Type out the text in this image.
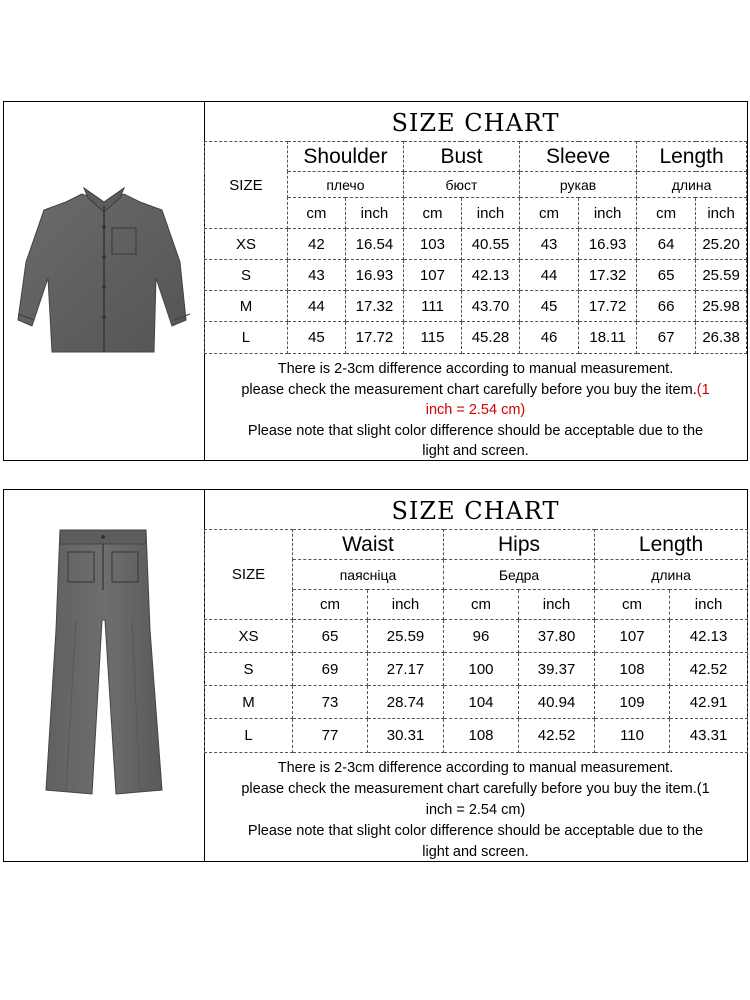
SIZE CHART
SIZE	Shoulder		Bust		Sleeve		Length	
	плечо		бюст		рукав		длина	
	cm	inch	cm	inch	cm	inch	cm	inch
XS	42	16.54	103	40.55	43	16.93	64	25.20
S	43	16.93	107	42.13	44	17.32	65	25.59
M	44	17.32	111	43.70	45	17.72	66	25.98
L	45	17.72	115	45.28	46	18.11	67	26.38
There is 2-3cm difference according to manual measurement.
please check the measurement chart carefully before you buy the item.(1
inch = 2.54 cm)
Please note that slight color difference should be acceptable due to the
light and screen.
SIZE CHART
SIZE	Waist		Hips		Length	
	паяснiца		Бедра		длина	
	cm	inch	cm	inch	cm	inch
XS	65	25.59	96	37.80	107	42.13
S	69	27.17	100	39.37	108	42.52
M	73	28.74	104	40.94	109	42.91
L	77	30.31	108	42.52	110	43.31
There is 2-3cm difference according to manual measurement.
please check the measurement chart carefully before you buy the item.(1
inch = 2.54 cm)
Please note that slight color difference should be acceptable due to the
light and screen.
